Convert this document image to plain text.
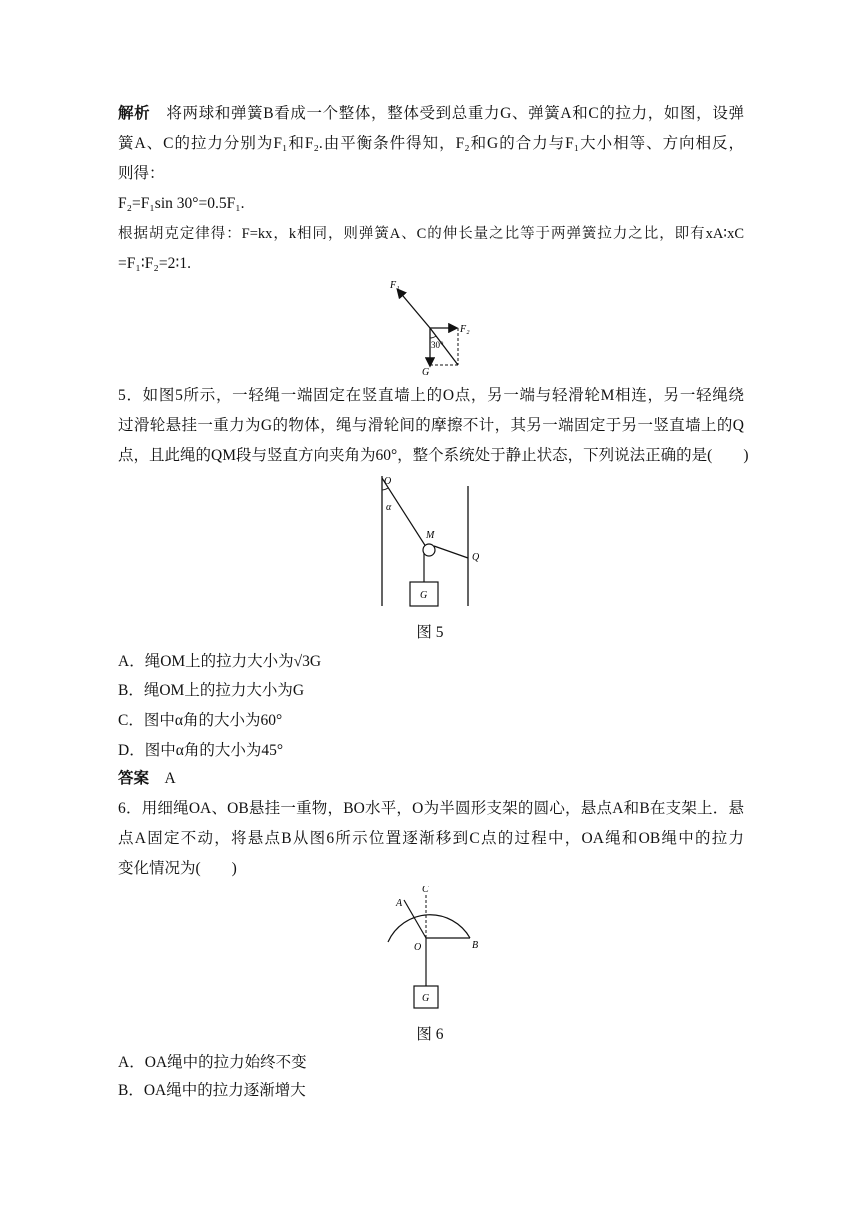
解析　 将两球和弹簧B看成一个整体，整体受到总重力G、弹簧A和C的拉力，如图，设弹
簧A、C的拉力分别为F₁和F₂.由平衡条件得知，F₂和G的合力与F₁大小相等、方向相反，
则得：
F₂=F₁sin 30°=0.5F₁.
根据胡克定律得：F=kx，k相同，则弹簧A、C的伸长量之比等于两弹簧拉力之比，即有xA∶xC
=F₁∶F₂=2∶1.
F₁
F₂
30°
G
5．如图5所示，一轻绳一端固定在竖直墙上的O点，另一端与轻滑轮M相连，另一轻绳绕
过滑轮悬挂一重力为G的物体，绳与滑轮间的摩擦不计，其另一端固定于另一竖直墙上的Q
点，且此绳的QM段与竖直方向夹角为60°，整个系统处于静止状态，下列说法正确的是(　　)
O
α
M
Q
G
图 5
A．绳OM上的拉力大小为√3G
B．绳OM上的拉力大小为G
C．图中α角的大小为60°
D．图中α角的大小为45°
答案　 A
6．用细绳OA、OB悬挂一重物，BO水平，O为半圆形支架的圆心，悬点A和B在支架上．悬
点A固定不动，将悬点B从图6所示位置逐渐移到C点的过程中，OA绳和OB绳中的拉力
变化情况为(　　)
A
C
O	B
G
图 6
A．OA绳中的拉力始终不变
B．OA绳中的拉力逐渐增大
